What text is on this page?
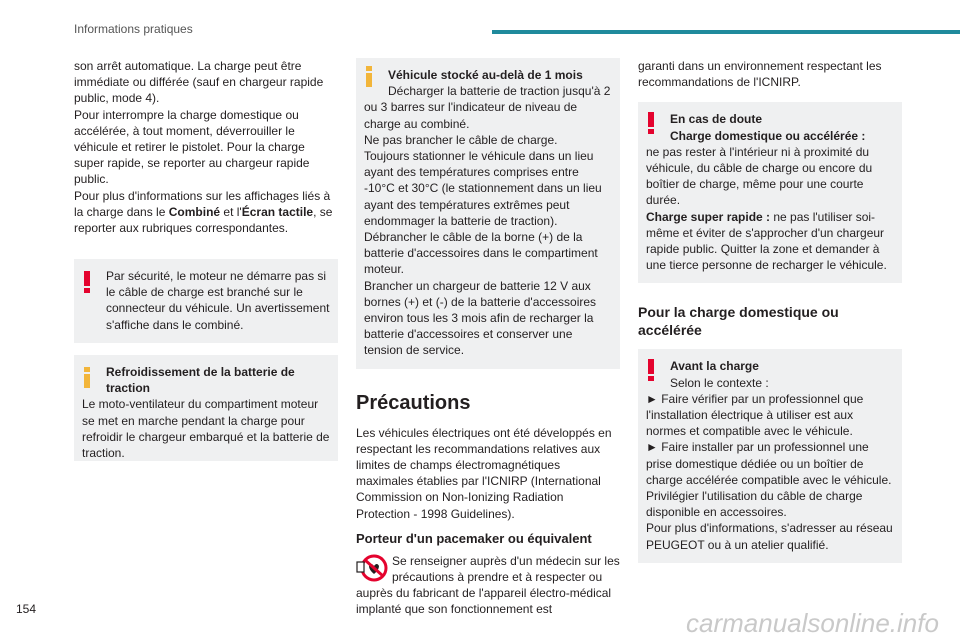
Informations pratiques

son arrêt automatique. La charge peut être immédiate ou différée (sauf en chargeur rapide public, mode 4).

Pour interrompre la charge domestique ou accélérée, à tout moment, déverrouiller le véhicule et retirer le pistolet. Pour la charge super rapide, se reporter au chargeur rapide public.

Pour plus d'informations sur les affichages liés à la charge dans le Combiné et l'Écran tactile, se reporter aux rubriques correspondantes.

Par sécurité, le moteur ne démarre pas si le câble de charge est branché sur le connecteur du véhicule. Un avertissement s'affiche dans le combiné.

Refroidissement de la batterie de traction

Le moto-ventilateur du compartiment moteur se met en marche pendant la charge pour refroidir le chargeur embarqué et la batterie de traction.

Véhicule stocké au-delà de 1 mois

Décharger la batterie de traction jusqu'à 2 ou 3 barres sur l'indicateur de niveau de charge au combiné.

Ne pas brancher le câble de charge.

Toujours stationner le véhicule dans un lieu ayant des températures comprises entre -10°C et 30°C (le stationnement dans un lieu ayant des températures extrêmes peut endommager la batterie de traction).

Débrancher le câble de la borne (+) de la batterie d'accessoires dans le compartiment moteur.

Brancher un chargeur de batterie 12 V aux bornes (+) et (-) de la batterie d'accessoires environ tous les 3 mois afin de recharger la batterie d'accessoires et conserver une tension de service.

Précautions

Les véhicules électriques ont été développés en respectant les recommandations relatives aux limites de champs électromagnétiques maximales établies par l'ICNIRP (International Commission on Non-Ionizing Radiation Protection - 1998 Guidelines).

Porteur d'un pacemaker ou équivalent

Se renseigner auprès d'un médecin sur les précautions à prendre et à respecter ou auprès du fabricant de l'appareil électro-médical implanté que son fonctionnement est

garanti dans un environnement respectant les recommandations de l'ICNIRP.

En cas de doute

Charge domestique ou accélérée :

ne pas rester à l'intérieur ni à proximité du véhicule, du câble de charge ou encore du boîtier de charge, même pour une courte durée.

Charge super rapide : ne pas l'utiliser soi-même et éviter de s'approcher d'un chargeur rapide public. Quitter la zone et demander à une tierce personne de recharger le véhicule.

Pour la charge domestique ou accélérée

Avant la charge

Selon le contexte :

► Faire vérifier par un professionnel que l'installation électrique à utiliser est aux normes et compatible avec le véhicule.

► Faire installer par un professionnel une prise domestique dédiée ou un boîtier de charge accélérée compatible avec le véhicule.

Privilégier l'utilisation du câble de charge disponible en accessoires.

Pour plus d'informations, s'adresser au réseau PEUGEOT ou à un atelier qualifié.

154	carmanualsonline.info
